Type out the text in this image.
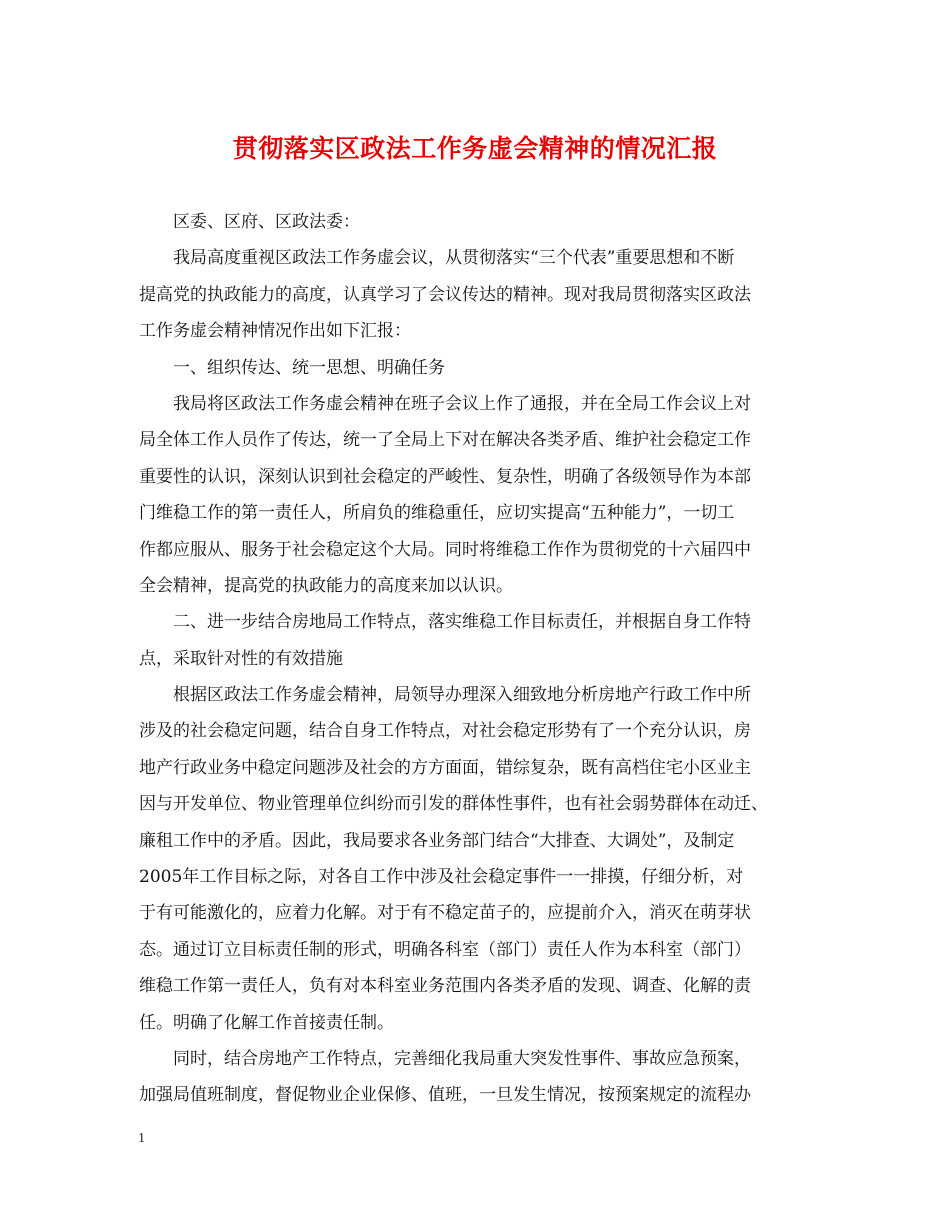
贯彻落实区政法工作务虚会精神的情况汇报
区委、区府、区政法委：
我局高度重视区政法工作务虚会议，从贯彻落实“三个代表”重要思想和不断
提高党的执政能力的高度，认真学习了会议传达的精神。现对我局贯彻落实区政法
工作务虚会精神情况作出如下汇报：
一、组织传达、统一思想、明确任务
我局将区政法工作务虚会精神在班子会议上作了通报，并在全局工作会议上对
局全体工作人员作了传达，统一了全局上下对在解决各类矛盾、维护社会稳定工作
重要性的认识，深刻认识到社会稳定的严峻性、复杂性，明确了各级领导作为本部
门维稳工作的第一责任人，所肩负的维稳重任，应切实提高“五种能力”，一切工
作都应服从、服务于社会稳定这个大局。同时将维稳工作作为贯彻党的十六届四中
全会精神，提高党的执政能力的高度来加以认识。
二、进一步结合房地局工作特点，落实维稳工作目标责任，并根据自身工作特
点，采取针对性的有效措施
根据区政法工作务虚会精神，局领导办理深入细致地分析房地产行政工作中所
涉及的社会稳定问题，结合自身工作特点，对社会稳定形势有了一个充分认识，房
地产行政业务中稳定问题涉及社会的方方面面，错综复杂，既有高档住宅小区业主
因与开发单位、物业管理单位纠纷而引发的群体性事件，也有社会弱势群体在动迁、
廉租工作中的矛盾。因此，我局要求各业务部门结合“大排查、大调处”，及制定
2005年工作目标之际，对各自工作中涉及社会稳定事件一一排摸，仔细分析，对
于有可能激化的，应着力化解。对于有不稳定苗子的，应提前介入，消灭在萌芽状
态。通过订立目标责任制的形式，明确各科室（部门）责任人作为本科室（部门）
维稳工作第一责任人，负有对本科室业务范围内各类矛盾的发现、调查、化解的责
任。明确了化解工作首接责任制。
同时，结合房地产工作特点，完善细化我局重大突发性事件、事故应急预案，
加强局值班制度，督促物业企业保修、值班，一旦发生情况，按预案规定的流程办
1
